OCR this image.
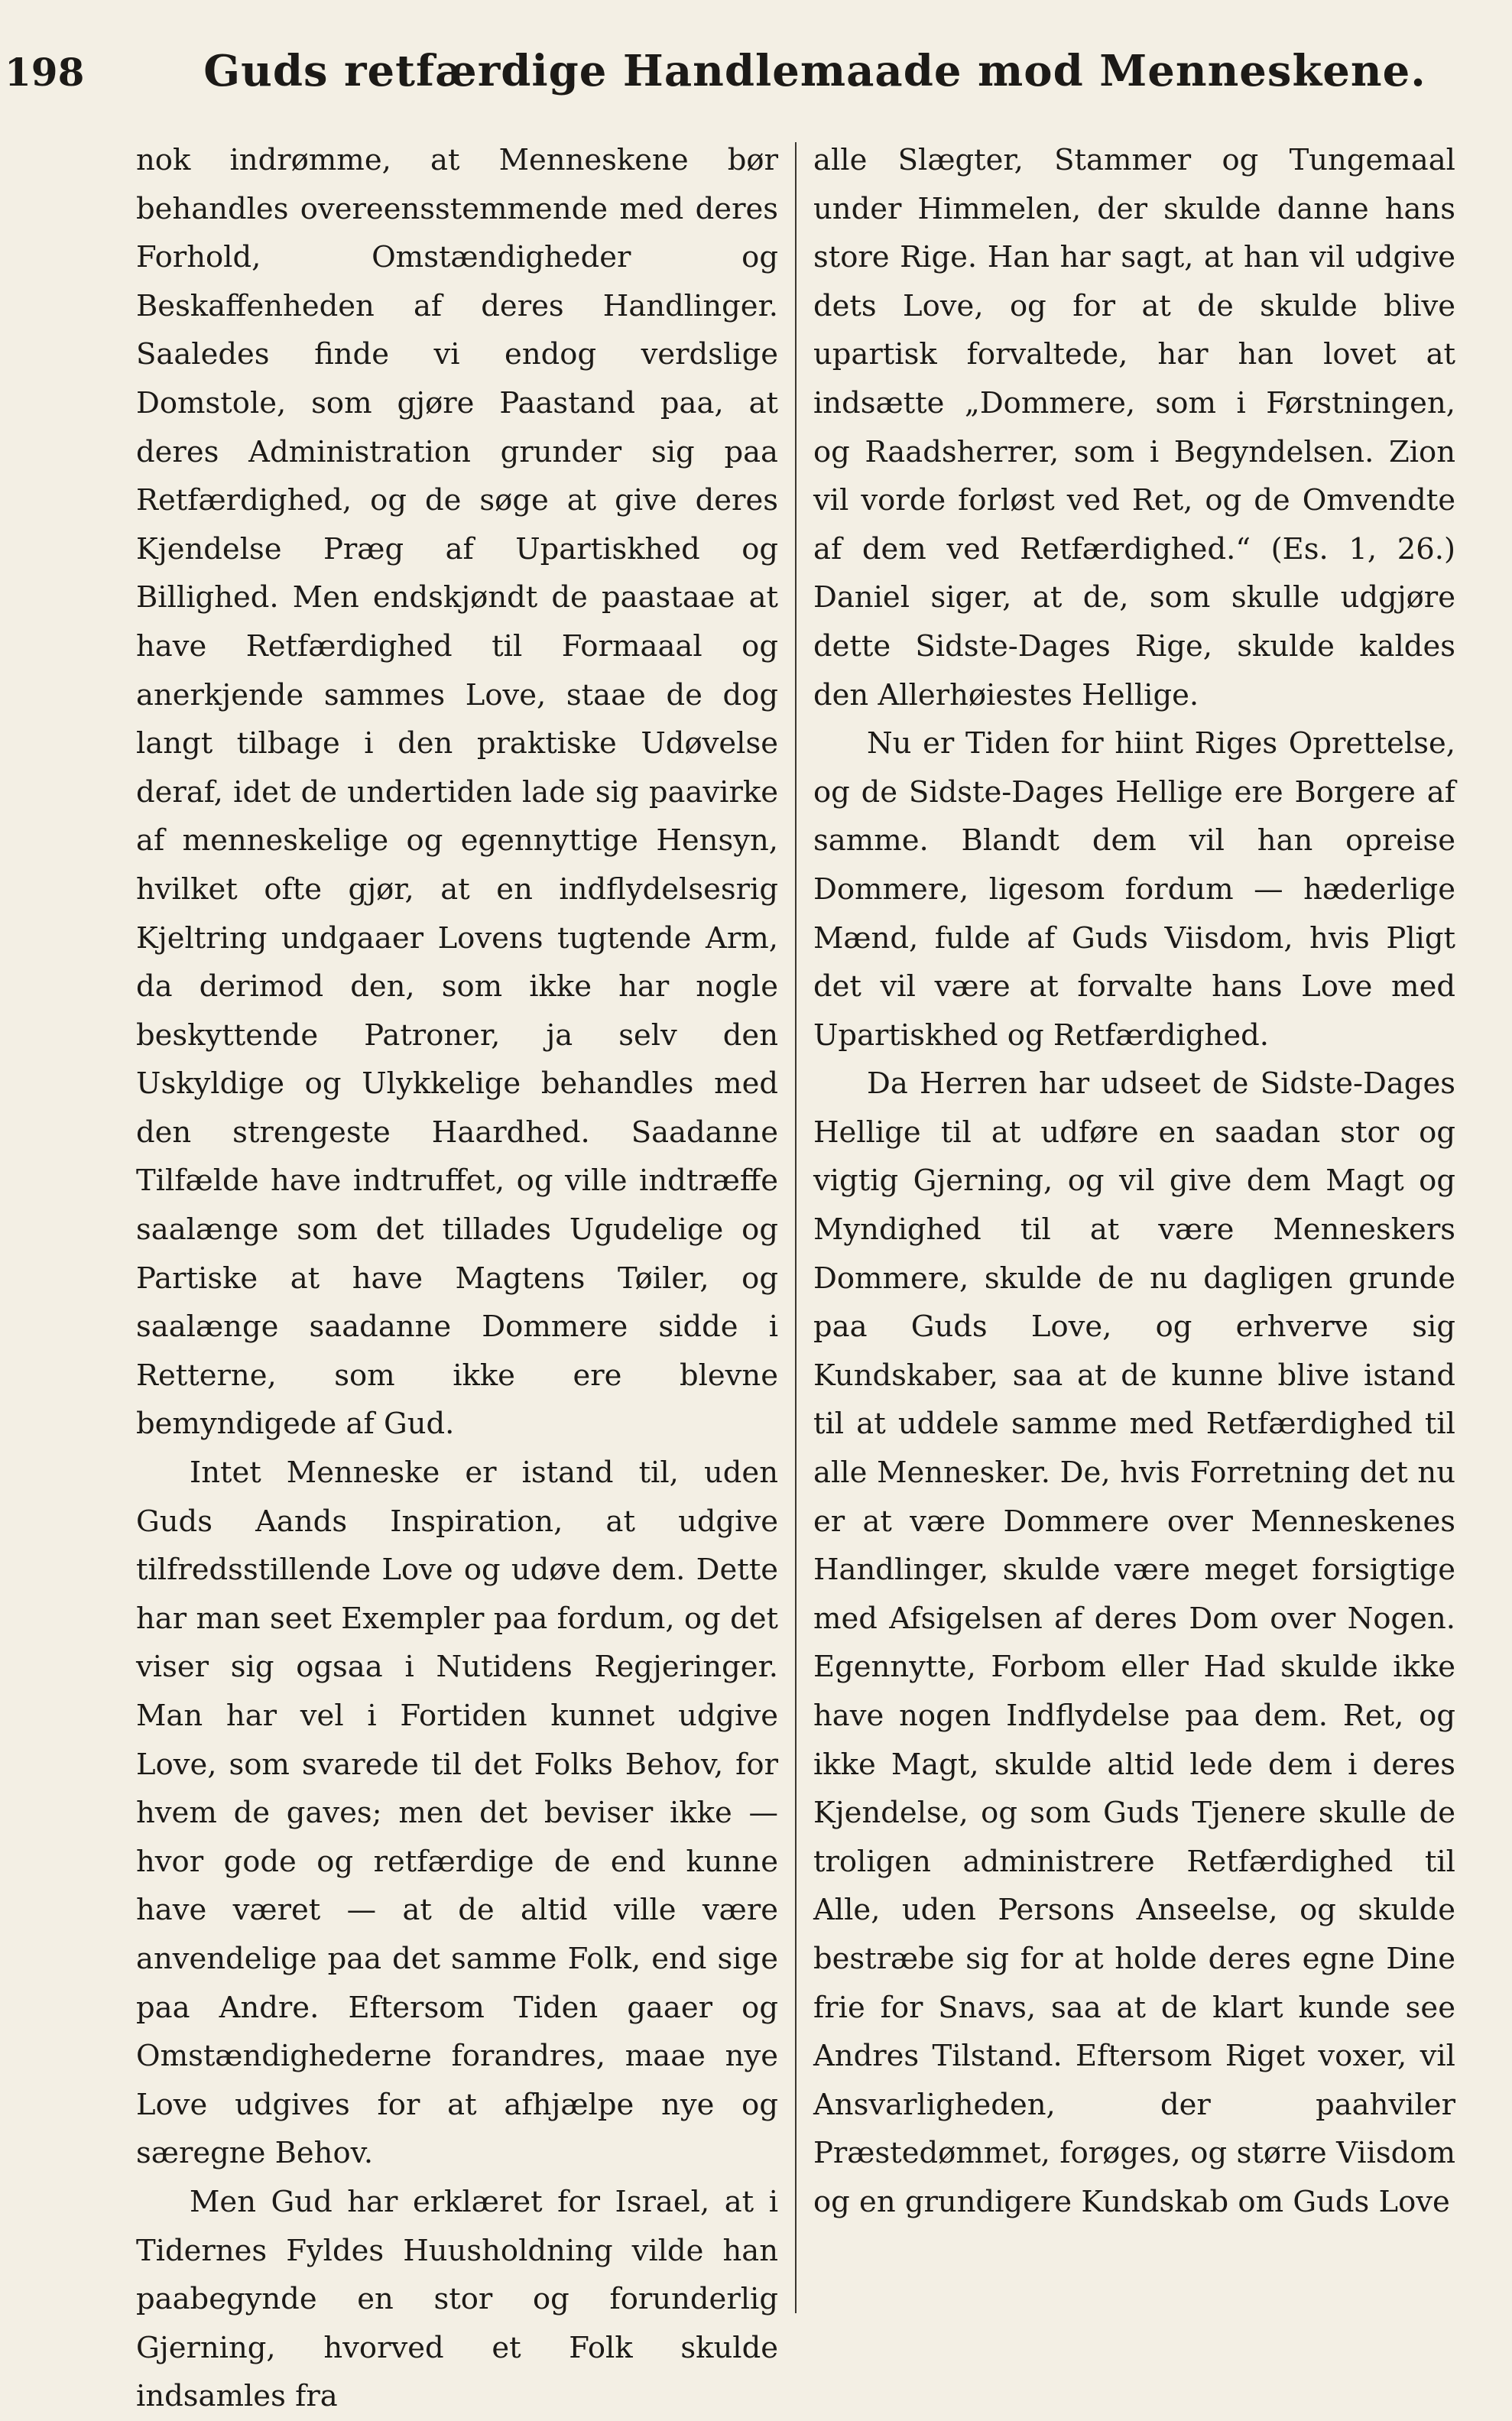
198	Guds retfærdige Handlemaade mod Menneskene.

nok indrømme, at Menneskene bør behandles overeensstemmende med deres Forhold, Omstændigheder og Beskaffenheden af deres Handlinger. Saaledes finde vi endog verdslige Domstole, som gjøre Paastand paa, at deres Administration grunder sig paa Retfærdighed, og de søge at give deres Kjendelse Præg af Upartiskhed og Billighed. Men endskjøndt de paastaae at have Retfærdighed til Formaaal og anerkjende sammes Love, staae de dog langt tilbage i den praktiske Udøvelse deraf, idet de undertiden lade sig paavirke af menneskelige og egennyttige Hensyn, hvilket ofte gjør, at en indflydelsesrig Kjeltring undgaaer Lovens tugtende Arm, da derimod den, som ikke har nogle beskyttende Patroner, ja selv den Uskyldige og Ulykkelige behandles med den strengeste Haardhed. Saadanne Tilfælde have indtruffet, og ville indtræffe saalænge som det tillades Ugudelige og Partiske at have Magtens Tøiler, og saalænge saadanne Dommere sidde i Retterne, som ikke ere blevne bemyndigede af Gud.

Intet Menneske er istand til, uden Guds Aands Inspiration, at udgive tilfredsstillende Love og udøve dem. Dette har man seet Exempler paa fordum, og det viser sig ogsaa i Nutidens Regjeringer. Man har vel i Fortiden kunnet udgive Love, som svarede til det Folks Behov, for hvem de gaves; men det beviser ikke — hvor gode og retfærdige de end kunne have været — at de altid ville være anvendelige paa det samme Folk, end sige paa Andre. Eftersom Tiden gaaer og Omstændighederne forandres, maae nye Love udgives for at afhjælpe nye og særegne Behov.

Men Gud har erklæret for Israel, at i Tidernes Fyldes Huusholdning vilde han paabegynde en stor og forunderlig Gjerning, hvorved et Folk skulde indsamles fra

alle Slægter, Stammer og Tungemaal under Himmelen, der skulde danne hans store Rige. Han har sagt, at han vil udgive dets Love, og for at de skulde blive upartisk forvaltede, har han lovet at indsætte „Dommere, som i Førstningen, og Raadsherrer, som i Begyndelsen. Zion vil vorde forløst ved Ret, og de Omvendte af dem ved Retfærdighed.“ (Es. 1, 26.) Daniel siger, at de, som skulle udgjøre dette Sidste-Dages Rige, skulde kaldes den Allerhøiestes Hellige.

Nu er Tiden for hiint Riges Oprettelse, og de Sidste-Dages Hellige ere Borgere af samme. Blandt dem vil han opreise Dommere, ligesom fordum — hæderlige Mænd, fulde af Guds Viisdom, hvis Pligt det vil være at forvalte hans Love med Upartiskhed og Retfærdighed.

Da Herren har udseet de Sidste-Dages Hellige til at udføre en saadan stor og vigtig Gjerning, og vil give dem Magt og Myndighed til at være Menneskers Dommere, skulde de nu dagligen grunde paa Guds Love, og erhverve sig Kundskaber, saa at de kunne blive istand til at uddele samme med Retfærdighed til alle Mennesker. De, hvis Forretning det nu er at være Dommere over Menneskenes Handlinger, skulde være meget forsigtige med Afsigelsen af deres Dom over Nogen. Egennytte, Forbom eller Had skulde ikke have nogen Indflydelse paa dem. Ret, og ikke Magt, skulde altid lede dem i deres Kjendelse, og som Guds Tjenere skulle de troligen administrere Retfærdighed til Alle, uden Persons Anseelse, og skulde bestræbe sig for at holde deres egne Dine frie for Snavs, saa at de klart kunde see Andres Tilstand. Eftersom Riget voxer, vil Ansvarligheden, der paahviler Præstedømmet, forøges, og større Viisdom og en grundigere Kundskab om Guds Love
